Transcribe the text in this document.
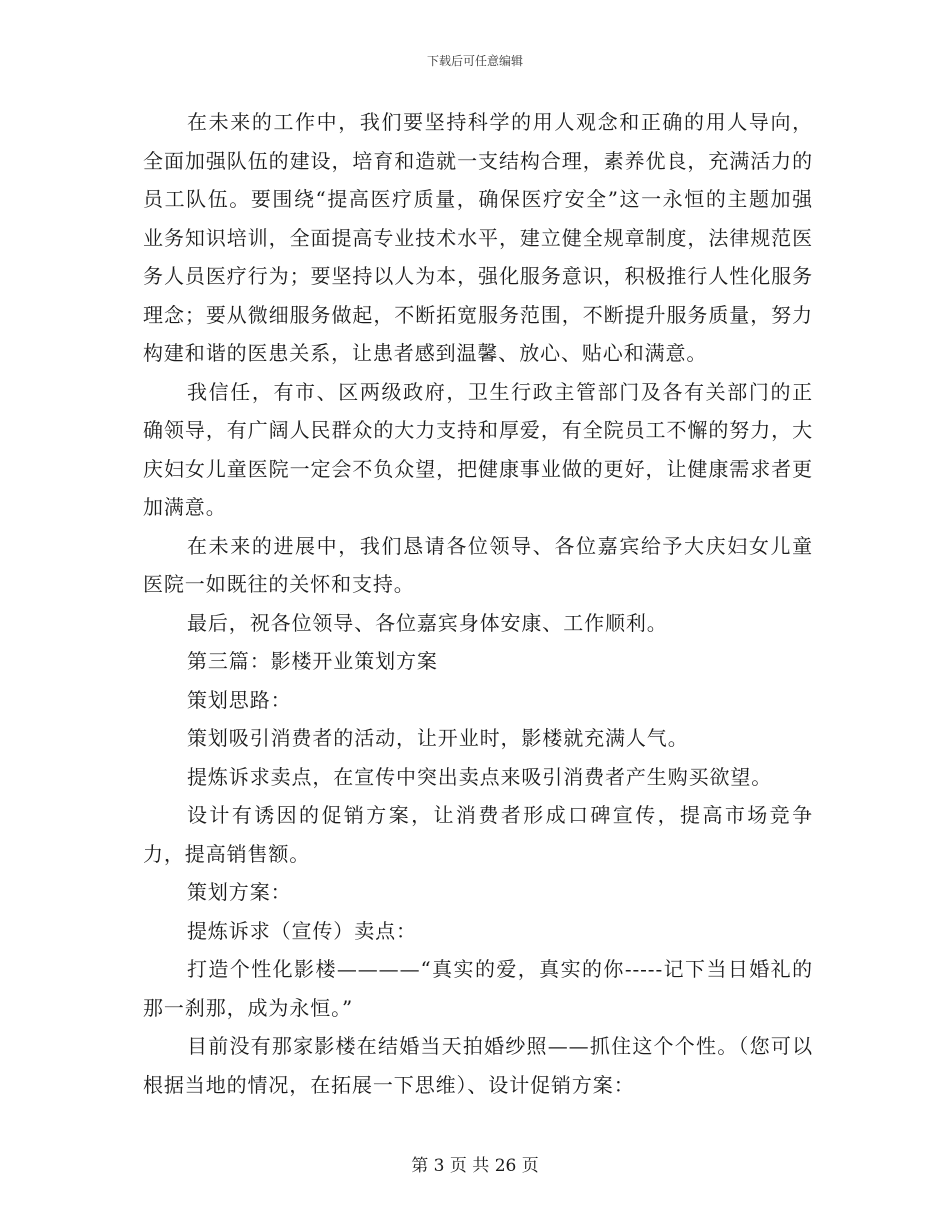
下载后可任意编辑

在未来的工作中，我们要坚持科学的用人观念和正确的用人导向，全面加强队伍的建设，培育和造就一支结构合理，素养优良，充满活力的员工队伍。要围绕“提高医疗质量，确保医疗安全”这一永恒的主题加强业务知识培训，全面提高专业技术水平，建立健全规章制度，法律规范医务人员医疗行为；要坚持以人为本，强化服务意识，积极推行人性化服务理念；要从微细服务做起，不断拓宽服务范围，不断提升服务质量，努力构建和谐的医患关系，让患者感到温馨、放心、贴心和满意。

我信任，有市、区两级政府，卫生行政主管部门及各有关部门的正确领导，有广阔人民群众的大力支持和厚爱，有全院员工不懈的努力，大庆妇女儿童医院一定会不负众望，把健康事业做的更好，让健康需求者更加满意。

在未来的进展中，我们恳请各位领导、各位嘉宾给予大庆妇女儿童医院一如既往的关怀和支持。

最后，祝各位领导、各位嘉宾身体安康、工作顺利。

第三篇：影楼开业策划方案

策划思路：

策划吸引消费者的活动，让开业时，影楼就充满人气。

提炼诉求卖点，在宣传中突出卖点来吸引消费者产生购买欲望。

设计有诱因的促销方案，让消费者形成口碑宣传，提高市场竞争力，提高销售额。

策划方案：

提炼诉求（宣传）卖点：

打造个性化影楼————“真实的爱，真实的你-----记下当日婚礼的那一刹那，成为永恒。”

目前没有那家影楼在结婚当天拍婚纱照——抓住这个个性。（您可以根据当地的情况，在拓展一下思维）、设计促销方案：

第 3 页 共 26 页
